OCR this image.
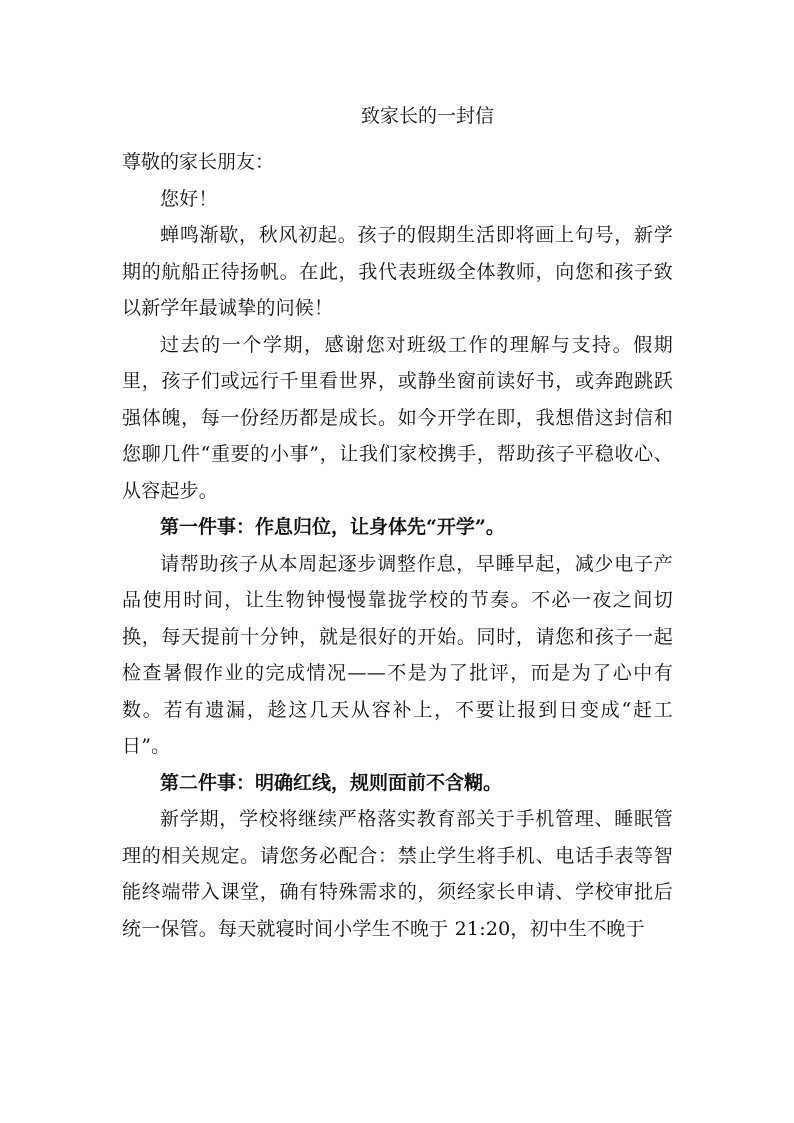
致家长的一封信

尊敬的家长朋友：

您好！

蝉鸣渐歇，秋风初起。孩子的假期生活即将画上句号，新学期的航船正待扬帆。在此，我代表班级全体教师，向您和孩子致以新学年最诚挚的问候！

过去的一个学期，感谢您对班级工作的理解与支持。假期里，孩子们或远行千里看世界，或静坐窗前读好书，或奔跑跳跃强体魄，每一份经历都是成长。如今开学在即，我想借这封信和您聊几件“重要的小事”，让我们家校携手，帮助孩子平稳收心、从容起步。

第一件事：作息归位，让身体先“开学”。

请帮助孩子从本周起逐步调整作息，早睡早起，减少电子产品使用时间，让生物钟慢慢靠拢学校的节奏。不必一夜之间切换，每天提前十分钟，就是很好的开始。同时，请您和孩子一起检查暑假作业的完成情况——不是为了批评，而是为了心中有数。若有遗漏，趁这几天从容补上，不要让报到日变成“赶工日”。

第二件事：明确红线，规则面前不含糊。

新学期，学校将继续严格落实教育部关于手机管理、睡眠管理的相关规定。请您务必配合：禁止学生将手机、电话手表等智能终端带入课堂，确有特殊需求的，须经家长申请、学校审批后统一保管。每天就寝时间小学生不晚于 21:20，初中生不晚于
